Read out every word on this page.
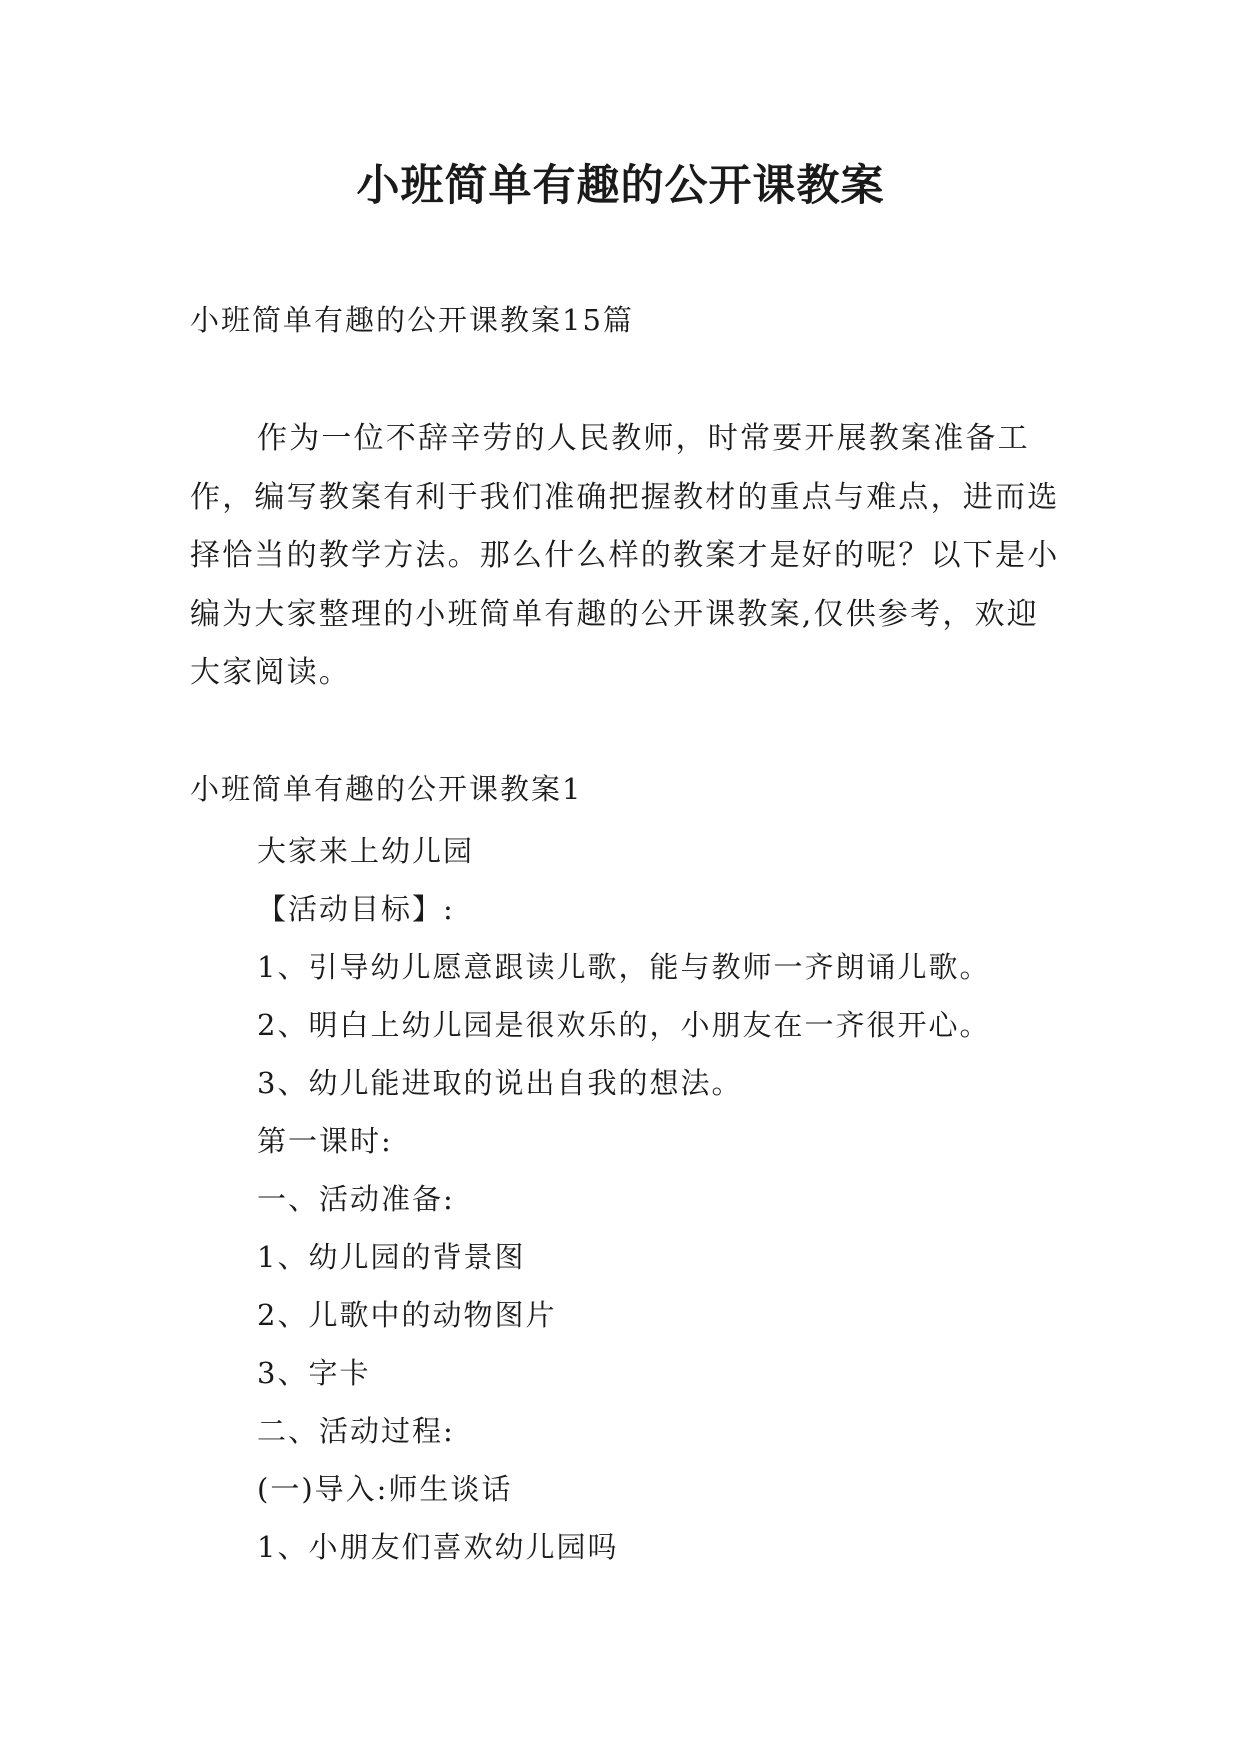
小班简单有趣的公开课教案

小班简单有趣的公开课教案15篇

作为一位不辞辛劳的人民教师，时常要开展教案准备工作，编写教案有利于我们准确把握教材的重点与难点，进而选择恰当的教学方法。那么什么样的教案才是好的呢？以下是小编为大家整理的小班简单有趣的公开课教案,仅供参考，欢迎大家阅读。

小班简单有趣的公开课教案1

大家来上幼儿园
【活动目标】:
1、引导幼儿愿意跟读儿歌，能与教师一齐朗诵儿歌。
2、明白上幼儿园是很欢乐的，小朋友在一齐很开心。
3、幼儿能进取的说出自我的想法。
第一课时:
一、活动准备:
1、幼儿园的背景图
2、儿歌中的动物图片
3、字卡
二、活动过程:
(一)导入:师生谈话
1、小朋友们喜欢幼儿园吗
